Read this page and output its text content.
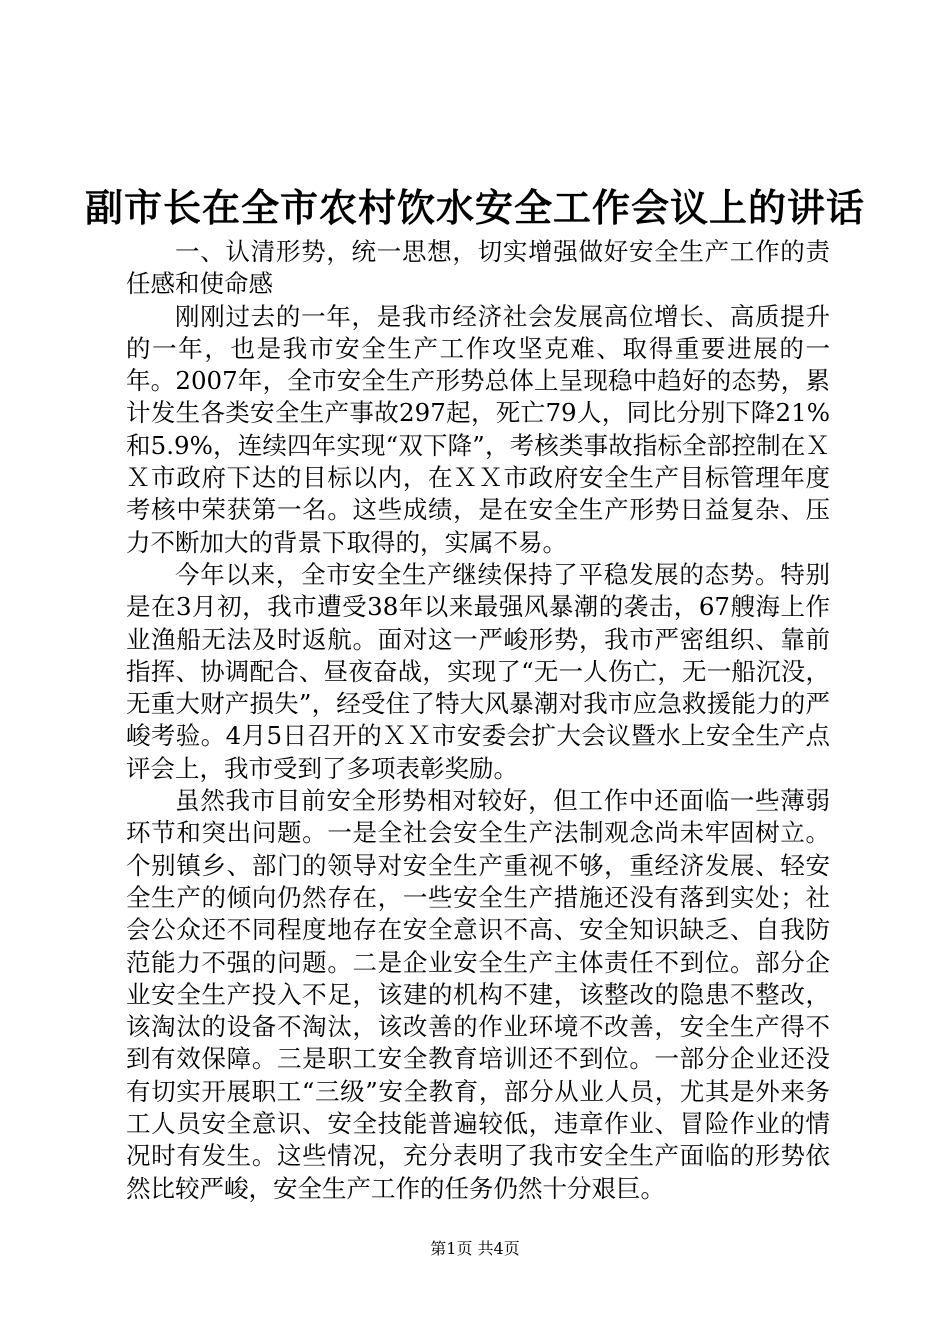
副市长在全市农村饮水安全工作会议上的讲话

一、认清形势，统一思想，切实增强做好安全生产工作的责任感和使命感

刚刚过去的一年，是我市经济社会发展高位增长、高质提升的一年，也是我市安全生产工作攻坚克难、取得重要进展的一年。2007年，全市安全生产形势总体上呈现稳中趋好的态势，累计发生各类安全生产事故297起，死亡79人，同比分别下降21%和5.9%，连续四年实现“双下降”，考核类事故指标全部控制在ＸＸ市政府下达的目标以内，在ＸＸ市政府安全生产目标管理年度考核中荣获第一名。这些成绩，是在安全生产形势日益复杂、压力不断加大的背景下取得的，实属不易。

今年以来，全市安全生产继续保持了平稳发展的态势。特别是在3月初，我市遭受38年以来最强风暴潮的袭击，67艘海上作业渔船无法及时返航。面对这一严峻形势，我市严密组织、靠前指挥、协调配合、昼夜奋战，实现了“无一人伤亡，无一船沉没，无重大财产损失”，经受住了特大风暴潮对我市应急救援能力的严峻考验。4月5日召开的ＸＸ市安委会扩大会议暨水上安全生产点评会上，我市受到了多项表彰奖励。

虽然我市目前安全形势相对较好，但工作中还面临一些薄弱环节和突出问题。一是全社会安全生产法制观念尚未牢固树立。个别镇乡、部门的领导对安全生产重视不够，重经济发展、轻安全生产的倾向仍然存在，一些安全生产措施还没有落到实处；社会公众还不同程度地存在安全意识不高、安全知识缺乏、自我防范能力不强的问题。二是企业安全生产主体责任不到位。部分企业安全生产投入不足，该建的机构不建，该整改的隐患不整改，该淘汰的设备不淘汰，该改善的作业环境不改善，安全生产得不到有效保障。三是职工安全教育培训还不到位。一部分企业还没有切实开展职工“三级”安全教育，部分从业人员，尤其是外来务工人员安全意识、安全技能普遍较低，违章作业、冒险作业的情况时有发生。这些情况，充分表明了我市安全生产面临的形势依然比较严峻，安全生产工作的任务仍然十分艰巨。

第1页 共4页
